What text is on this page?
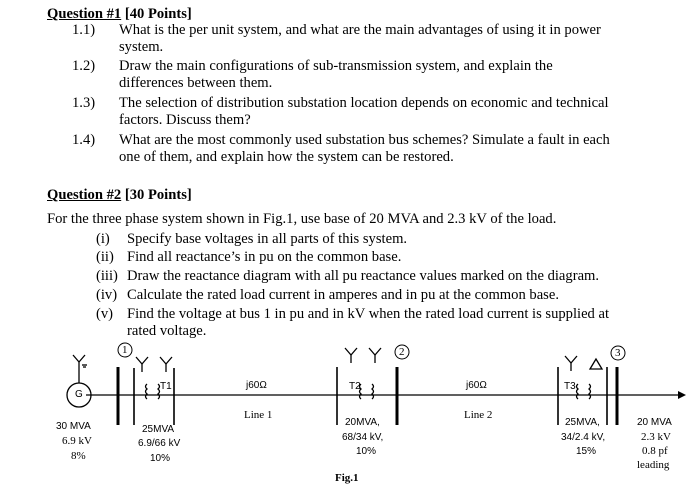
Question #1 [40 Points]
1.1) What is the per unit system, and what are the main advantages of using it in power
system.
1.2) Draw the main configurations of sub-transmission system, and explain the
differences between them.
1.3) The selection of distribution substation location depends on economic and technical
factors. Discuss them?
1.4) What are the most commonly used substation bus schemes? Simulate a fault in each
one of them, and explain how the system can be restored.
Question #2 [30 Points]
For the three phase system shown in Fig.1, use base of 20 MVA and 2.3 kV of the load.
(i) Specify base voltages in all parts of this system.
(ii) Find all reactance’s in pu on the common base.
(iii) Draw the reactance diagram with all pu reactance values marked on the diagram.
(iv) Calculate the rated load current in amperes and in pu at the common base.
(v) Find the voltage at bus 1 in pu and in kV when the rated load current is supplied at
rated voltage.
1	2	3
G
T1	T2	T3
j60Ω	j60Ω
Line 1	Line 2
30 MVA
6.9 kV
8%
25MVA
6.9/66 kV
10%
20MVA,
68/34 kV,
10%
25MVA,
34/2.4 kV,
15%
20 MVA
2.3 kV
0.8 pf
leading
Fig.1
